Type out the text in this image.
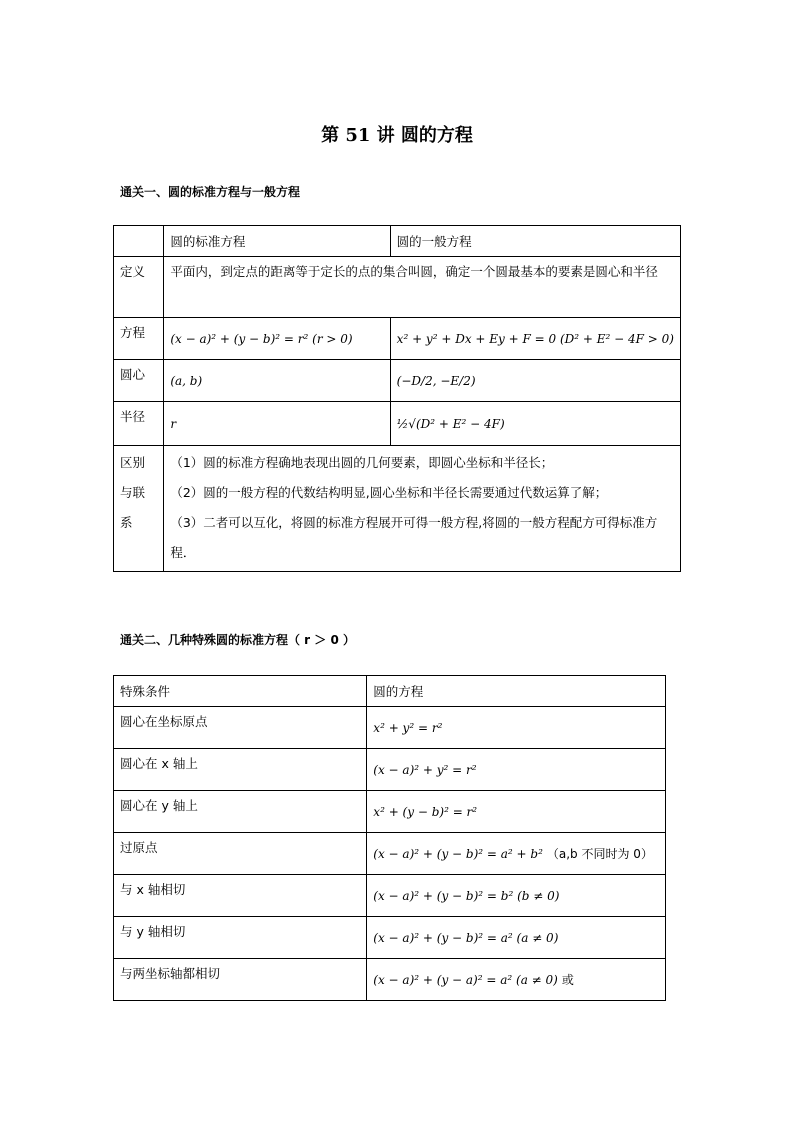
第 51 讲 圆的方程
通关一、圆的标准方程与一般方程
	圆的标准方程	圆的一般方程
定义	平面内，到定点的距离等于定长的点的集合叫圆，确定一个圆最基本的要素是圆心和半径	
方程	(x − a)² + (y − b)² = r² (r > 0)	x² + y² + Dx + Ey + F = 0 (D² + E² − 4F > 0)
圆心	(a, b)	(−D/2, −E/2)
半径	r	½√(D² + E² − 4F)
区别与联系	（1）圆的标准方程确地表现出圆的几何要素，即圆心坐标和半径长；
（2）圆的一般方程的代数结构明显,圆心坐标和半径长需要通过代数运算了解；
（3）二者可以互化，将圆的标准方程展开可得一般方程,将圆的一般方程配方可得标准方程．	
通关二、几种特殊圆的标准方程（ r ＞ 0 ）
特殊条件	圆的方程
圆心在坐标原点	x² + y² = r²
圆心在 x 轴上	(x − a)² + y² = r²
圆心在 y 轴上	x² + (y − b)² = r²
过原点	(x − a)² + (y − b)² = a² + b² （a,b 不同时为 0）
与 x 轴相切	(x − a)² + (y − b)² = b² (b ≠ 0)
与 y 轴相切	(x − a)² + (y − b)² = a² (a ≠ 0)
与两坐标轴都相切	(x − a)² + (y − a)² = a² (a ≠ 0) 或
